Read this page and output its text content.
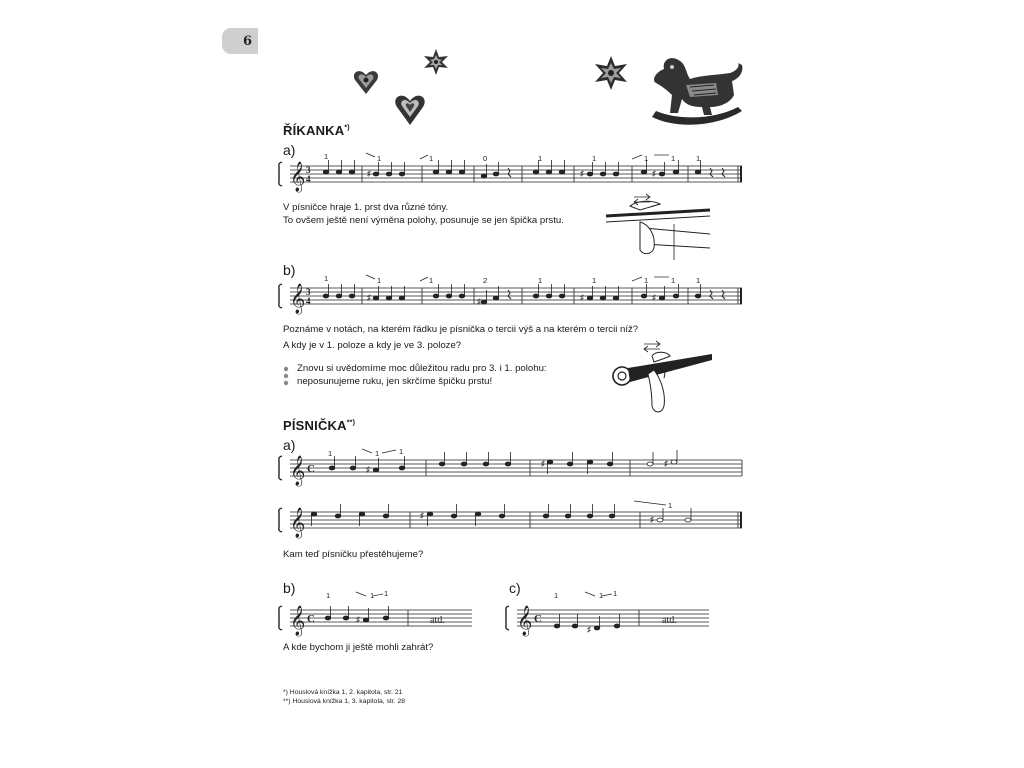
6
ŘÍKANKA*)
a)
𝄞 3
4
♯	♯	♯
1	1	1	0	1	1	1	1	1
V písničce hraje 1. prst dva různé tóny.
To ovšem ještě není výměna polohy, posunuje se jen špička prstu.
b)
𝄞 3
4	♯	♯	♯	♯
1	1	1	2	1	1	1	1	1
Poznáme v notách, na kterém řádku je písnička o tercii výš a na kterém o tercii níž?
A kdy je v 1. poloze a kdy je ve 3. poloze?
Znovu si uvědomíme moc důležitou radu pro 3. i 1. polohu:
neposunujeme ruku, jen skrčíme špičku prstu!
PÍSNIČKA**)
a)
𝄞 C	♯
♯	♯
1	1	1
𝄞	♯	♯
1
Kam teď písničku přestěhujeme?
b)	c)
𝄞 C	♯	atd.
1	1 1
𝄞 C
♯
atd.
1	1 1
A kde bychom ji ještě mohli zahrát?
*) Houslová knížka 1, 2. kapitola, str. 21
**) Houslová knížka 1, 3. kapitola, str. 28
